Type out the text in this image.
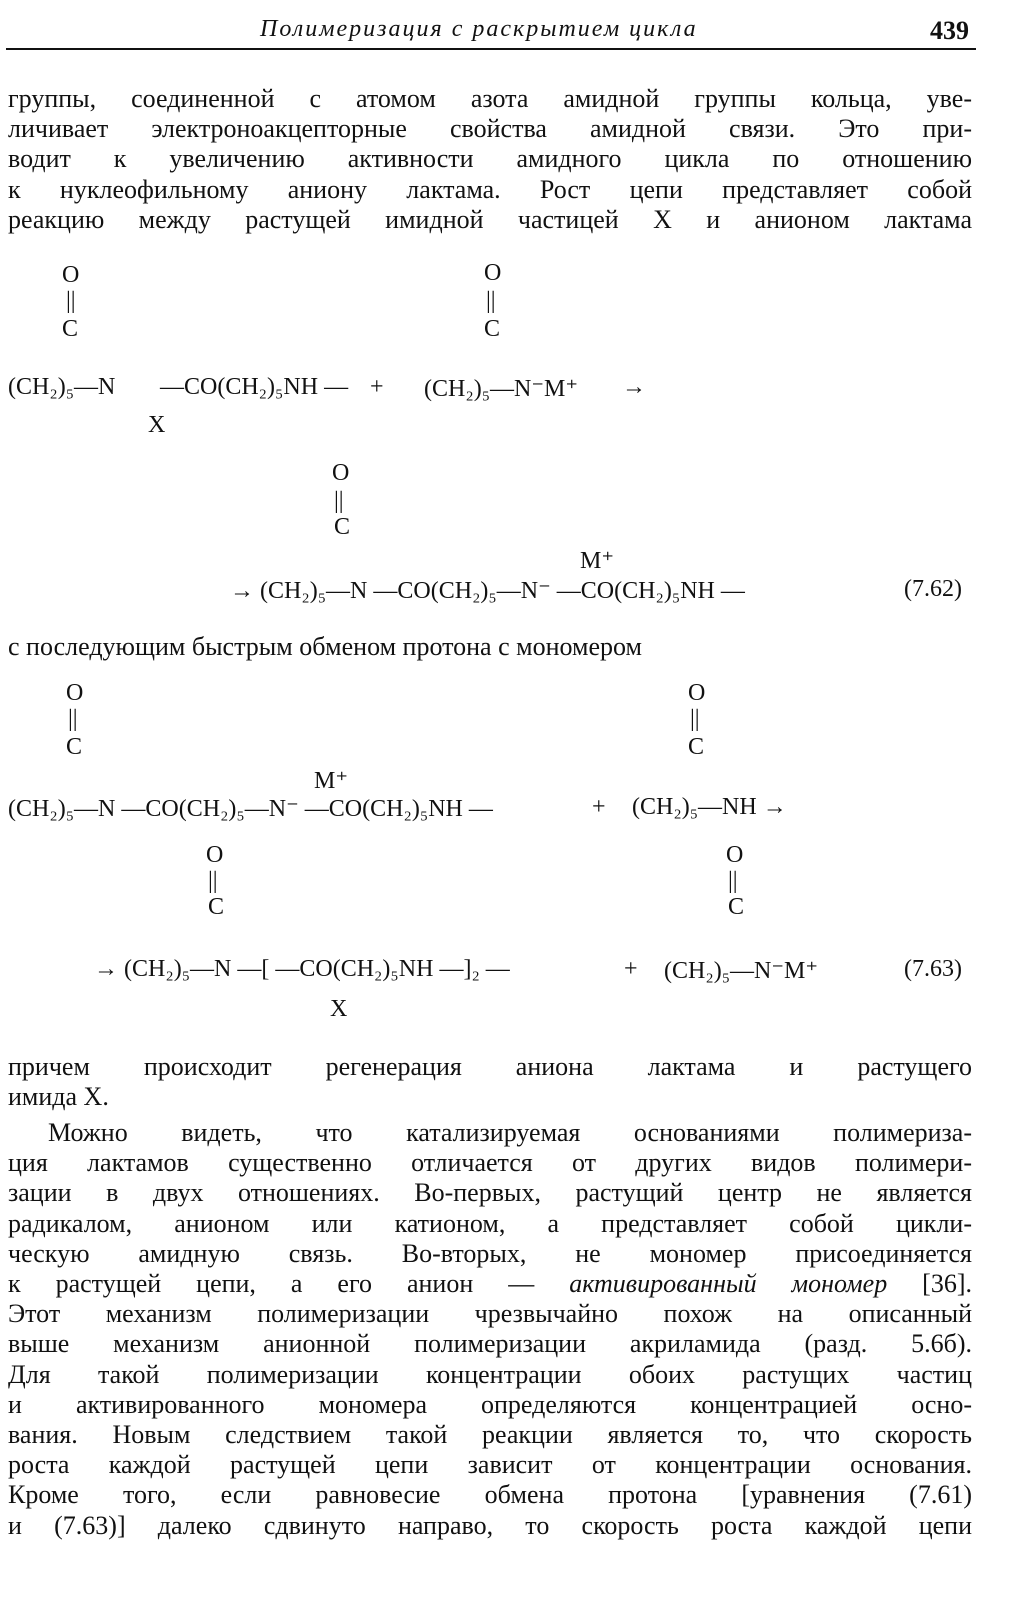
Полимеризация с раскрытием цикла	439
группы, соединенной с атомом азота амидной группы кольца, уве-
личивает электроноакцепторные свойства амидной связи. Это при-
водит к увеличению активности амидного цикла по отношению
к нуклеофильному аниону лактама. Рост цепи представляет собой
реакцию между растущей имидной частицей X и анионом лактама
O
||
C
(CH₂)₅—N —CO(CH₂)₅NH —
X
+
O
||
C
(CH₂)₅—N⁻M⁺ →
O
||
C
M⁺
→ (CH₂)₅—N —CO(CH₂)₅—N⁻ —CO(CH₂)₅NH —	(7.62)
с последующим быстрым обменом протона с мономером
O
||
C
M⁺
(CH₂)₅—N —CO(CH₂)₅—N⁻ —CO(CH₂)₅NH —	+
O
||
C
(CH₂)₅—NH →
O
||
C
→ (CH₂)₅—N —[ —CO(CH₂)₅NH —]₂ —
X
+
O
||
C
(CH₂)₅—N⁻M⁺	(7.63)
причем происходит регенерация аниона лактама и растущего
имида X.
Можно видеть, что катализируемая основаниями полимериза-
ция лактамов существенно отличается от других видов полимери-
зации в двух отношениях. Во-первых, растущий центр не является
радикалом, анионом или катионом, а представляет собой цикли-
ческую амидную связь. Во-вторых, не мономер присоединяется
к растущей цепи, а его анион — активированный мономер [36].
Этот механизм полимеризации чрезвычайно похож на описанный
выше механизм анионной полимеризации акриламида (разд. 5.6б).
Для такой полимеризации концентрации обоих растущих частиц
и активированного мономера определяются концентрацией осно-
вания. Новым следствием такой реакции является то, что скорость
роста каждой растущей цепи зависит от концентрации основания.
Кроме того, если равновесие обмена протона [уравнения (7.61)
и (7.63)] далеко сдвинуто направо, то скорость роста каждой цепи
